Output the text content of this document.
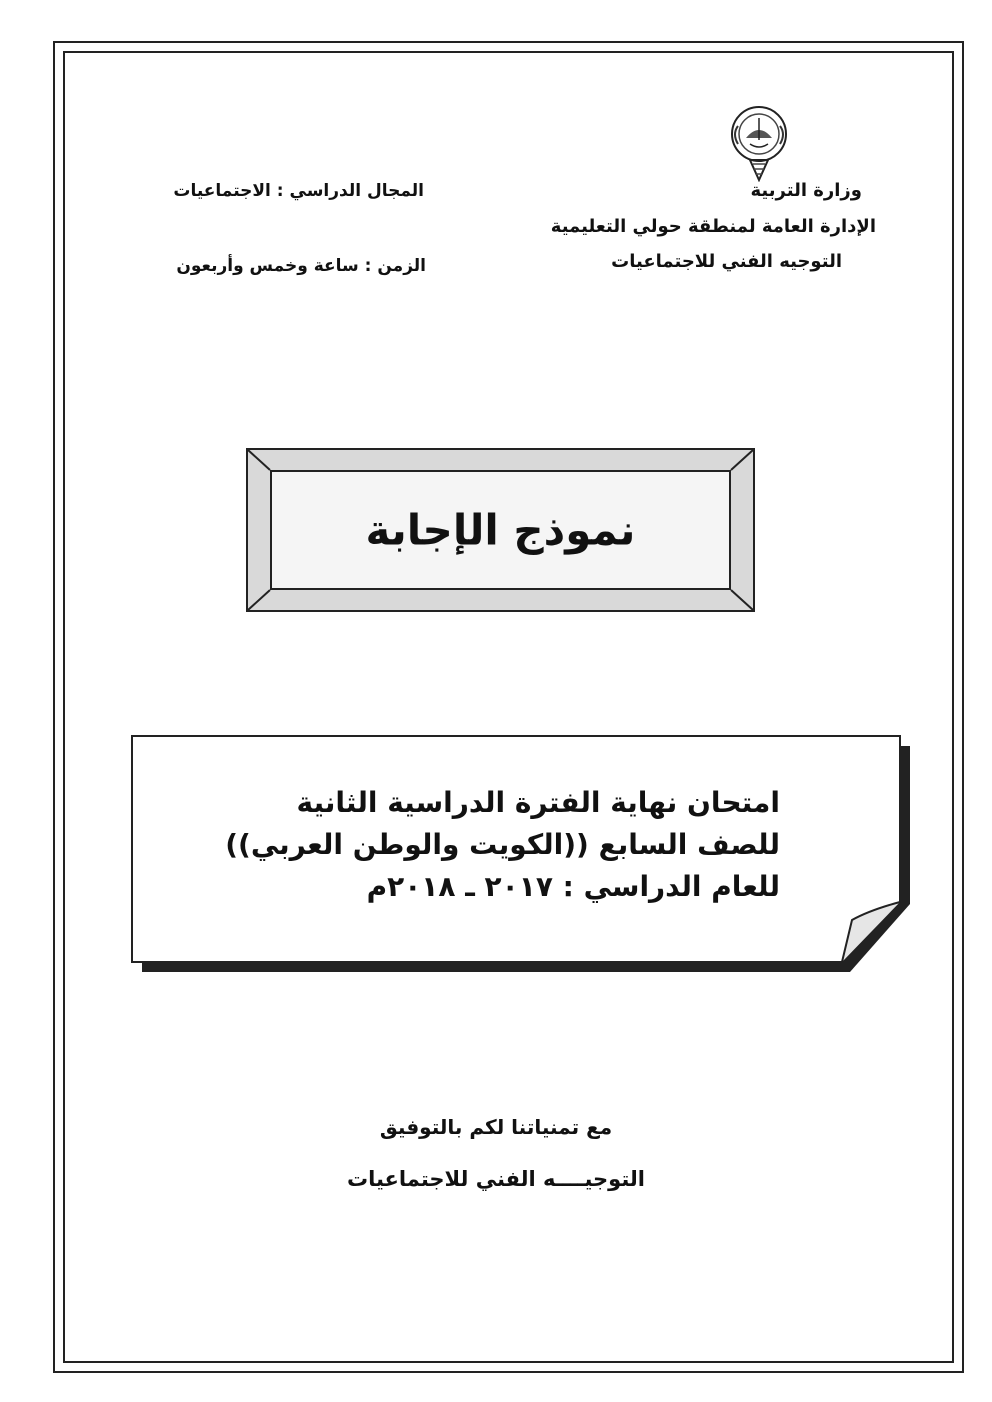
وزارة التربية
الإدارة العامة لمنطقة حولي التعليمية
التوجيه الفني للاجتماعيات
المجال الدراسي : الاجتماعيات
الزمن : ساعة وخمس وأربعون
نموذج الإجابة
امتحان نهاية الفترة الدراسية الثانية
للصف السابع ((الكويت والوطن العربي))
للعام الدراسي : ٢٠١٧ ـ ٢٠١٨م
مع تمنياتنا لكم بالتوفيق
التوجيــــه الفني للاجتماعيات
